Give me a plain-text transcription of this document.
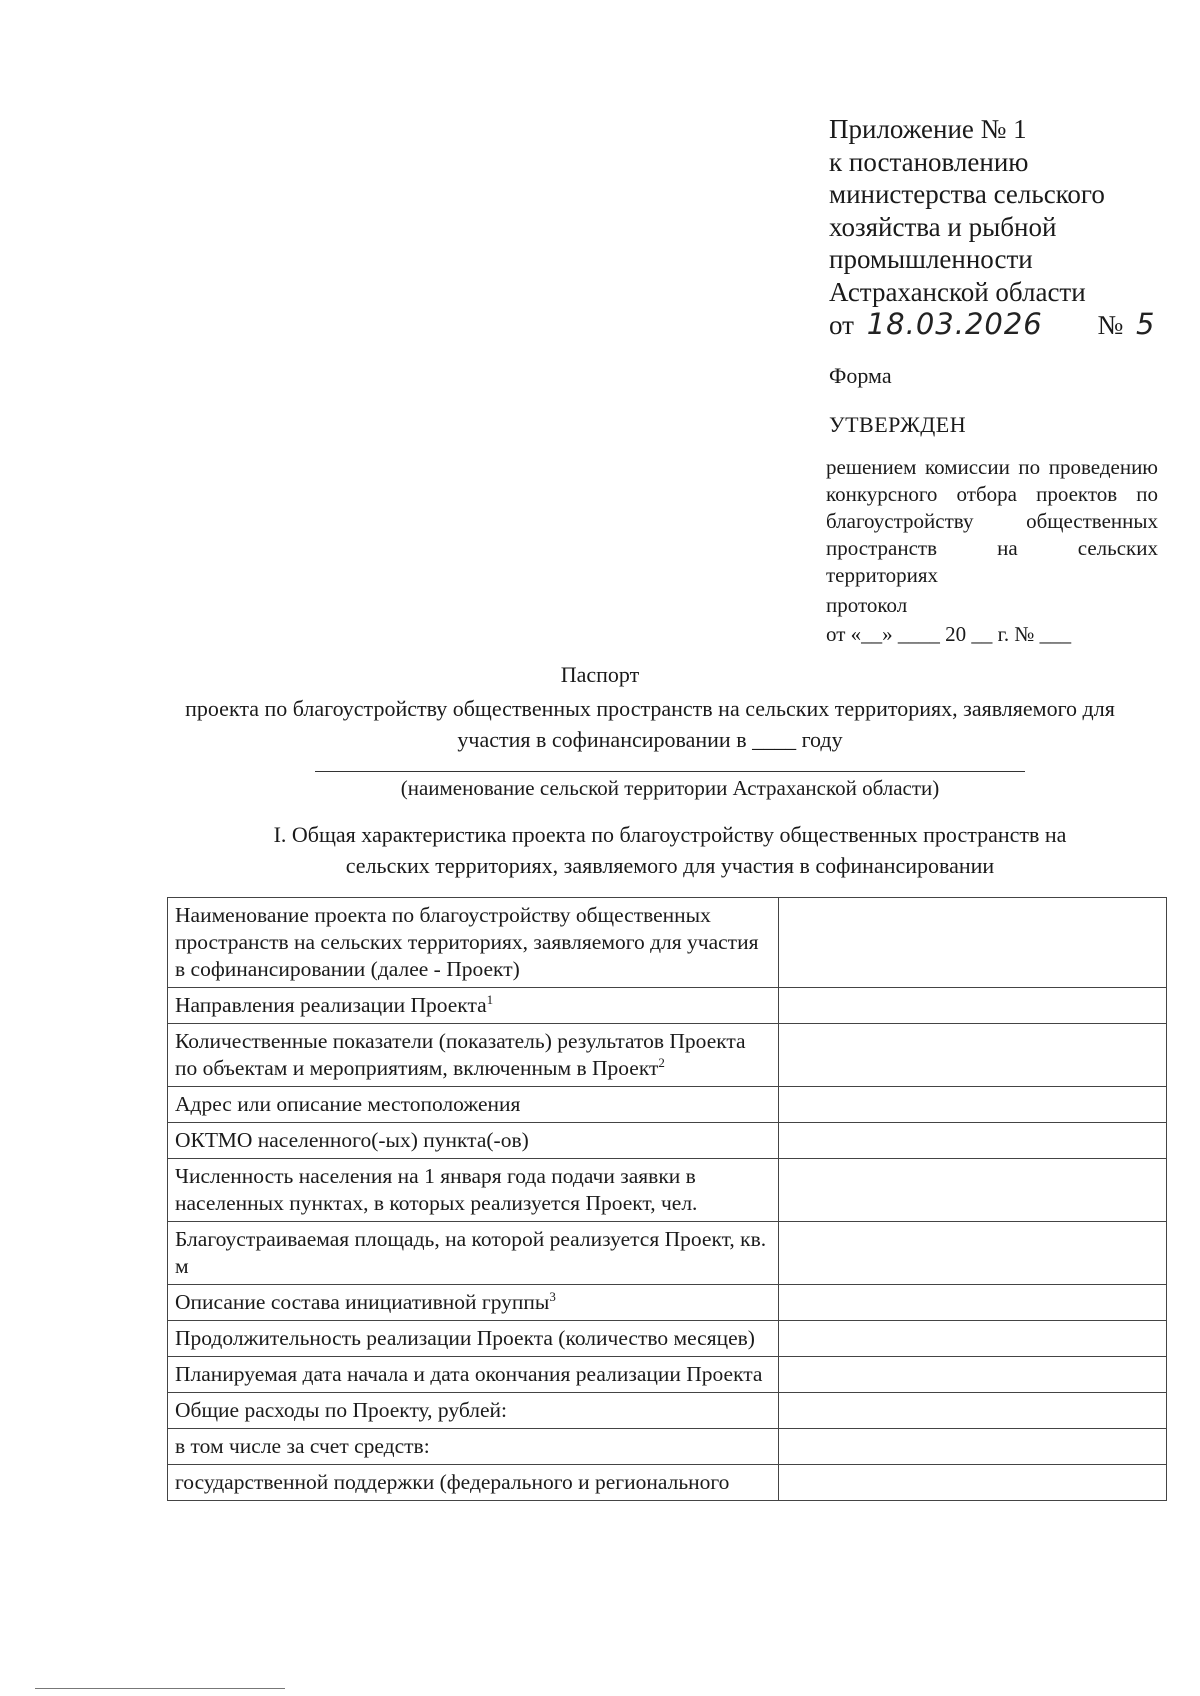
Приложение № 1
к постановлению
министерства сельского
хозяйства и рыбной
промышленности
Астраханской области
от 18.03.2026 № 5
Форма
УТВЕРЖДЕН
решением комиссии по проведению конкурсного отбора проектов по благоустройству общественных пространств на сельских территориях
протокол
от «__» ____ 20 __ г. № ___
Паспорт
проекта по благоустройству общественных пространств на сельских территориях, заявляемого для участия в софинансировании в ____ году
(наименование сельской территории Астраханской области)
I. Общая характеристика проекта по благоустройству общественных пространств на сельских территориях, заявляемого для участия в софинансировании
Наименование проекта по благоустройству общественных пространств на сельских территориях, заявляемого для участия в софинансировании (далее - Проект)	
Направления реализации Проекта$^1$	
Количественные показатели (показатель) результатов Проекта по объектам и мероприятиям, включенным в Проект$^2$	
Адрес или описание местоположения	
ОКТМО населенного(-ых) пункта(-ов)	
Численность населения на 1 января года подачи заявки в населенных пунктах, в которых реализуется Проект, чел.	
Благоустраиваемая площадь, на которой реализуется Проект, кв. м	
Описание состава инициативной группы$^3$	
Продолжительность реализации Проекта (количество месяцев)	
Планируемая дата начала и дата окончания реализации Проекта	
Общие расходы по Проекту, рублей:	
в том числе за счет средств:	
государственной поддержки (федерального и регионального	
